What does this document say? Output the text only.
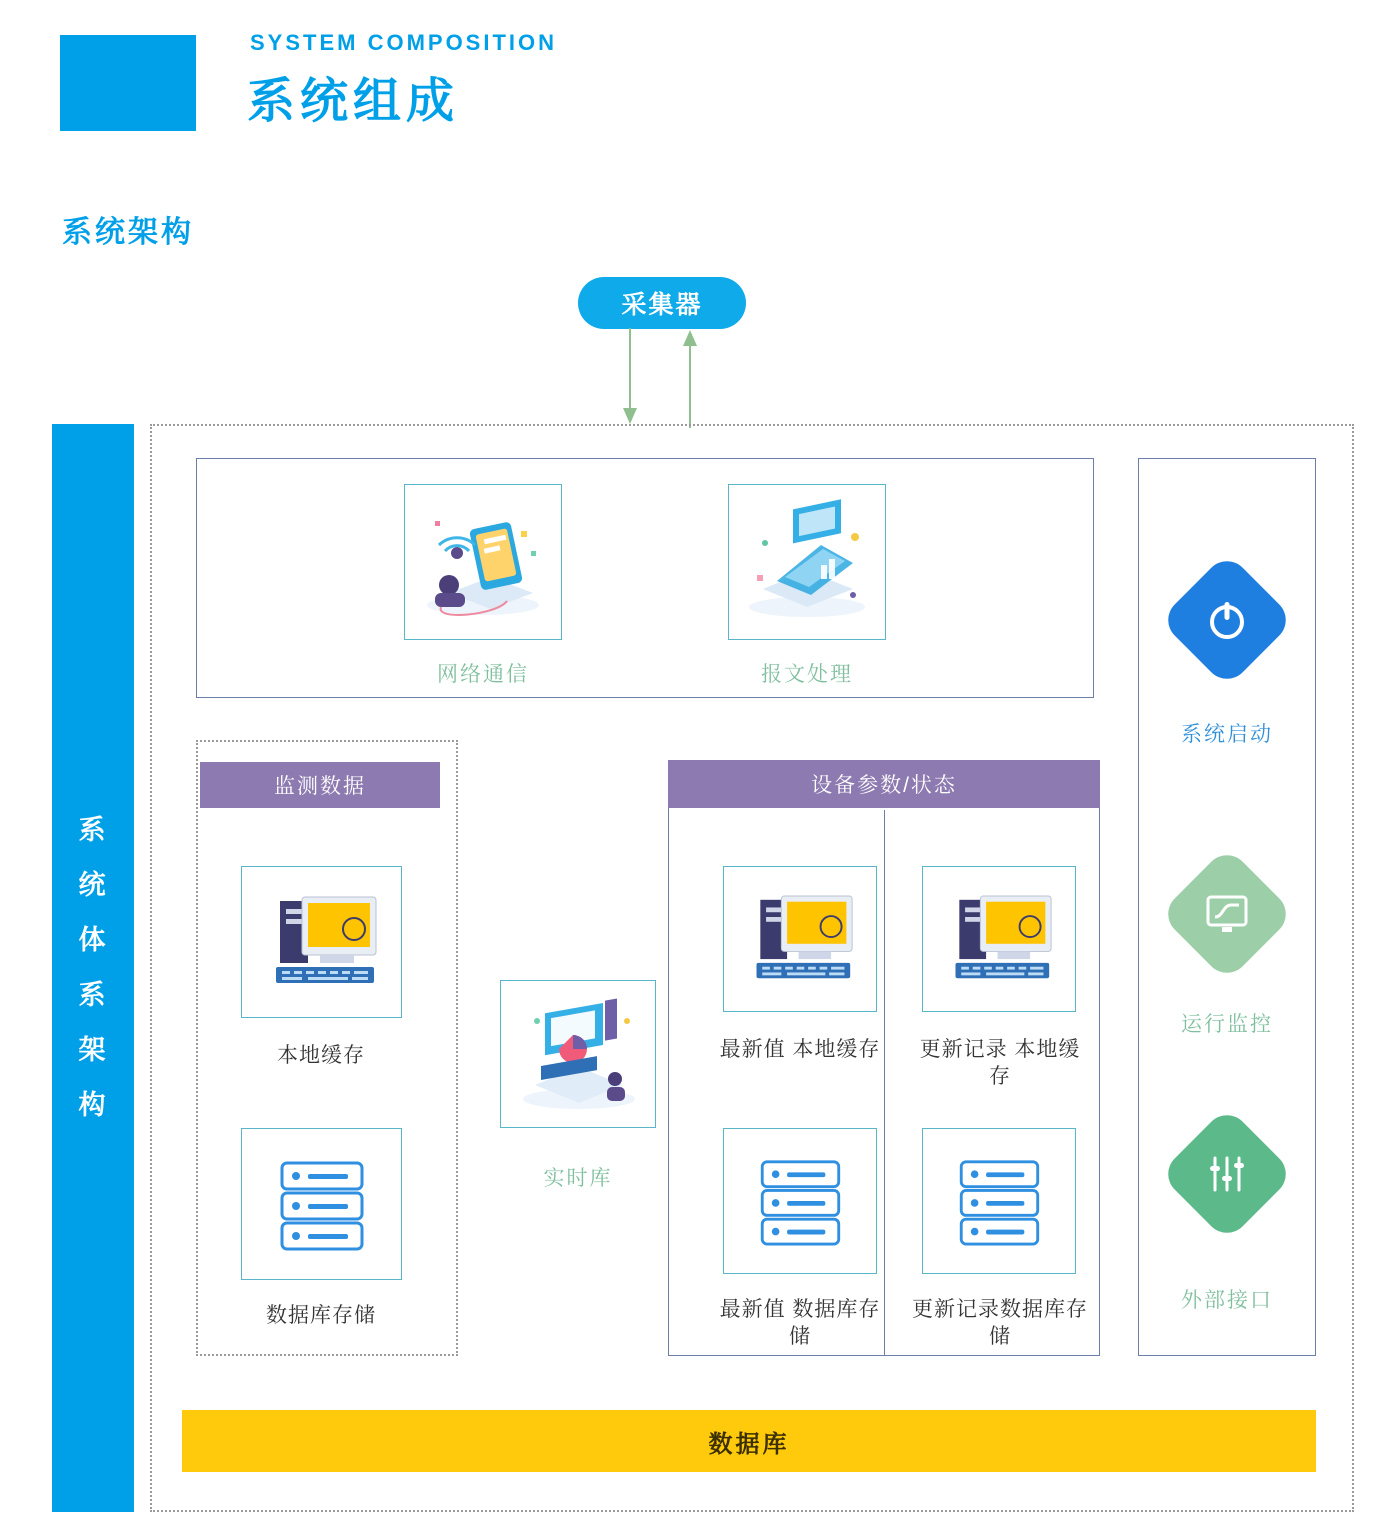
SYSTEM COMPOSITION
系统组成
系统架构
采集器
系
统
体
系
架
构
网络通信	报文处理
监测数据
本地缓存
数据库存储
实时库
设备参数/状态
最新值 本地缓存	更新记录 本地缓存
最新值 数据库存储
更新记录数据库存 储
系统启动
运行监控
外部接口
数据库
